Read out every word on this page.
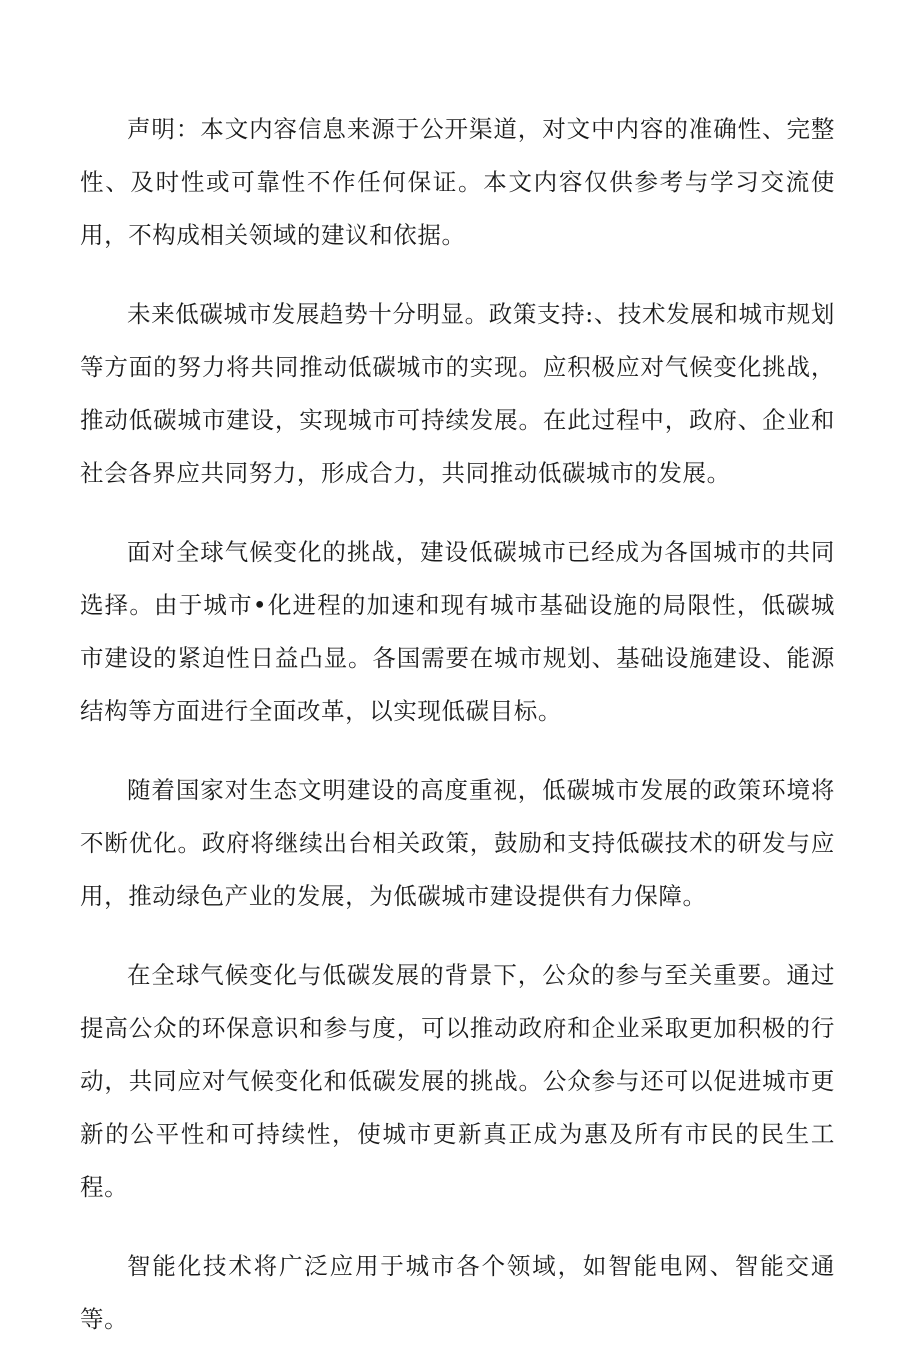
声明：本文内容信息来源于公开渠道，对文中内容的准确性、完整性、及时性或可靠性不作任何保证。本文内容仅供参考与学习交流使用，不构成相关领域的建议和依据。

未来低碳城市发展趋势十分明显。政策支持:、技术发展和城市规划等方面的努力将共同推动低碳城市的实现。应积极应对气候变化挑战，推动低碳城市建设，实现城市可持续发展。在此过程中，政府、企业和社会各界应共同努力，形成合力，共同推动低碳城市的发展。

面对全球气候变化的挑战，建设低碳城市已经成为各国城市的共同选择。由于城市•化进程的加速和现有城市基础设施的局限性，低碳城市建设的紧迫性日益凸显。各国需要在城市规划、基础设施建设、能源结构等方面进行全面改革，以实现低碳目标。

随着国家对生态文明建设的高度重视，低碳城市发展的政策环境将不断优化。政府将继续出台相关政策，鼓励和支持低碳技术的研发与应用，推动绿色产业的发展，为低碳城市建设提供有力保障。

在全球气候变化与低碳发展的背景下，公众的参与至关重要。通过提高公众的环保意识和参与度，可以推动政府和企业采取更加积极的行动，共同应对气候变化和低碳发展的挑战。公众参与还可以促进城市更新的公平性和可持续性，使城市更新真正成为惠及所有市民的民生工程。

智能化技术将广泛应用于城市各个领域，如智能电网、智能交通等。
